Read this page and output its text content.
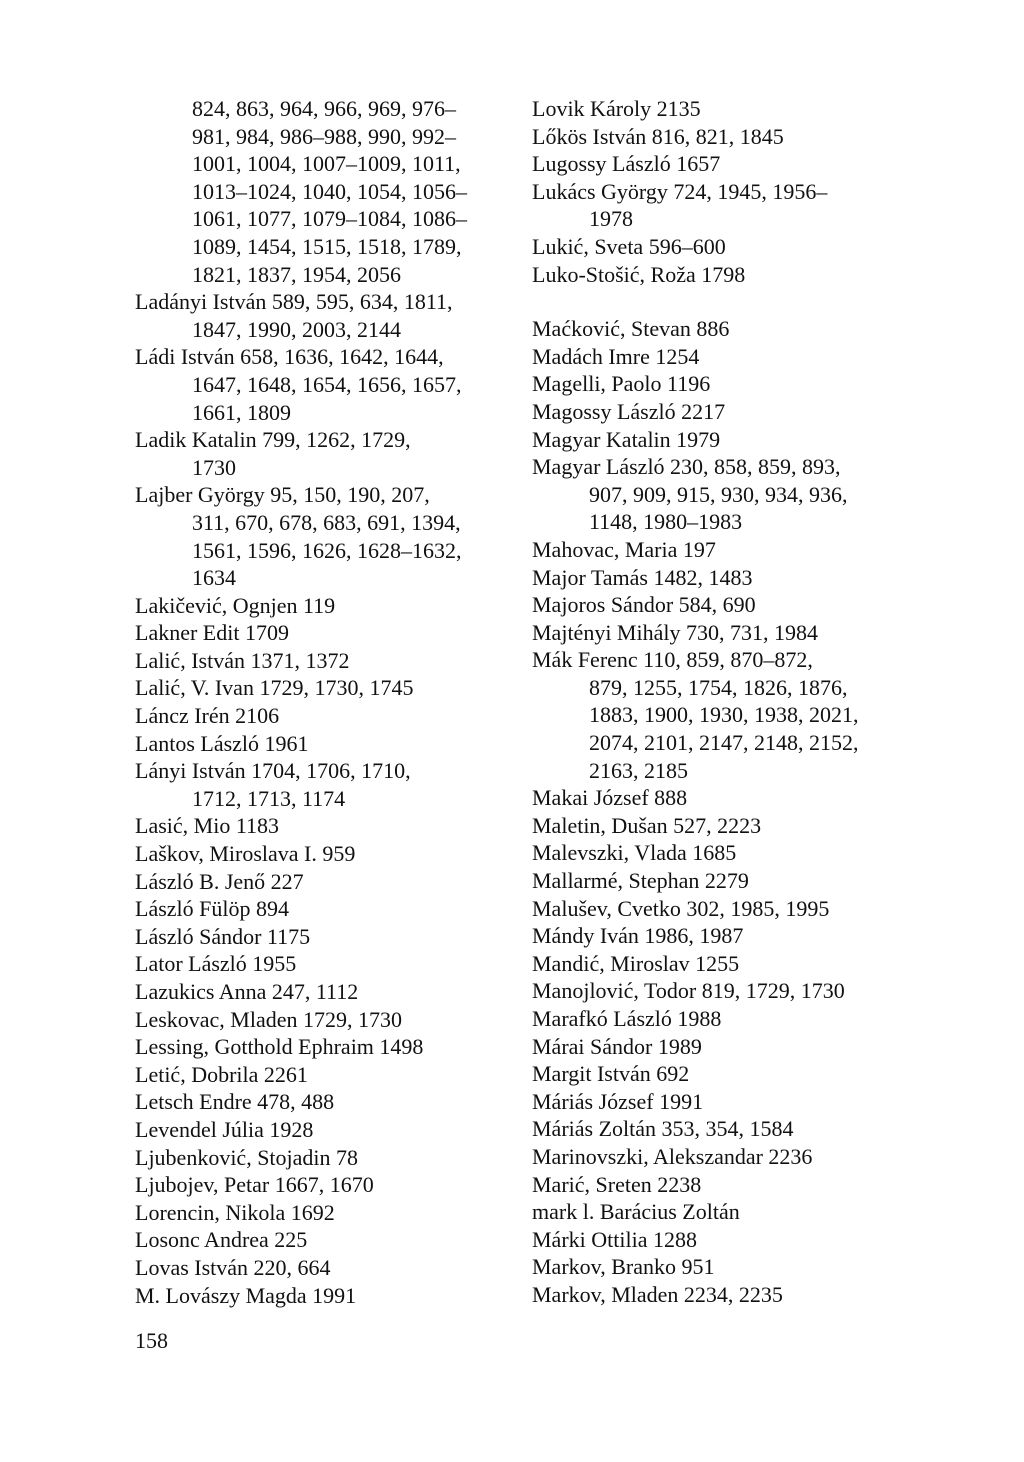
824, 863, 964, 966, 969, 976–
981, 984, 986–988, 990, 992–
1001, 1004, 1007–1009, 1011,
1013–1024, 1040, 1054, 1056–
1061, 1077, 1079–1084, 1086–
1089, 1454, 1515, 1518, 1789,
1821, 1837, 1954, 2056
Ladányi István 589, 595, 634, 1811,
1847, 1990, 2003, 2144
Ládi István 658, 1636, 1642, 1644,
1647, 1648, 1654, 1656, 1657,
1661, 1809
Ladik Katalin 799, 1262, 1729,
1730
Lajber György 95, 150, 190, 207,
311, 670, 678, 683, 691, 1394,
1561, 1596, 1626, 1628–1632,
1634
Lakičević, Ognjen 119
Lakner Edit 1709
Lalić, István 1371, 1372
Lalić, V. Ivan 1729, 1730, 1745
Láncz Irén 2106
Lantos László 1961
Lányi István 1704, 1706, 1710,
1712, 1713, 1174
Lasić, Mio 1183
Laškov, Miroslava I. 959
László B. Jenő 227
László Fülöp 894
László Sándor 1175
Lator László 1955
Lazukics Anna 247, 1112
Leskovac, Mladen 1729, 1730
Lessing, Gotthold Ephraim 1498
Letić, Dobrila 2261
Letsch Endre 478, 488
Levendel Júlia 1928
Ljubenković, Stojadin 78
Ljubojev, Petar 1667, 1670
Lorencin, Nikola 1692
Losonc Andrea 225
Lovas István 220, 664
M. Lovászy Magda 1991
Lovik Károly 2135
Lőkös István 816, 821, 1845
Lugossy László 1657
Lukács György 724, 1945, 1956–
1978
Lukić, Sveta 596–600
Luko-Stošić, Roža 1798
Maćković, Stevan 886
Madách Imre 1254
Magelli, Paolo 1196
Magossy László 2217
Magyar Katalin 1979
Magyar László 230, 858, 859, 893,
907, 909, 915, 930, 934, 936,
1148, 1980–1983
Mahovac, Maria 197
Major Tamás 1482, 1483
Majoros Sándor 584, 690
Majtényi Mihály 730, 731, 1984
Mák Ferenc 110, 859, 870–872,
879, 1255, 1754, 1826, 1876,
1883, 1900, 1930, 1938, 2021,
2074, 2101, 2147, 2148, 2152,
2163, 2185
Makai József 888
Maletin, Dušan 527, 2223
Malevszki, Vlada 1685
Mallarmé, Stephan 2279
Malušev, Cvetko 302, 1985, 1995
Mándy Iván 1986, 1987
Mandić, Miroslav 1255
Manojlović, Todor 819, 1729, 1730
Marafkó László 1988
Márai Sándor 1989
Margit István 692
Máriás József 1991
Máriás Zoltán 353, 354, 1584
Marinovszki, Alekszandar 2236
Marić, Sreten 2238
mark l. Barácius Zoltán
Márki Ottilia 1288
Markov, Branko 951
Markov, Mladen 2234, 2235
158
